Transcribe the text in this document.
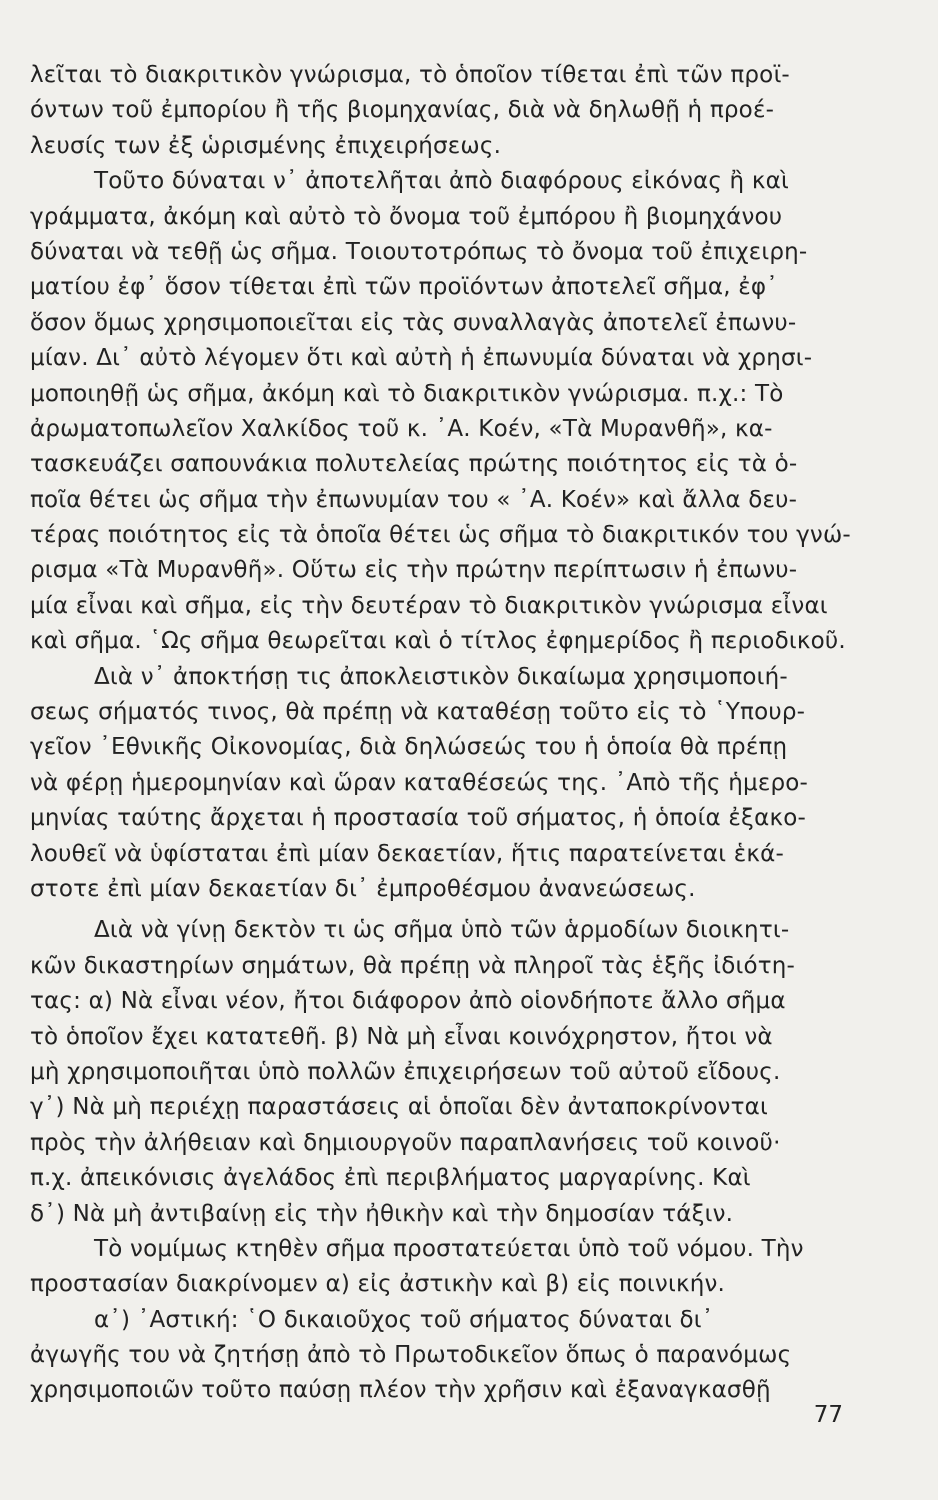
λεῖται τὸ διακριτικὸν γνώρισμα, τὸ ὁποῖον τίθεται ἐπὶ τῶν προϊ-
όντων τοῦ ἐμπορίου ἢ τῆς βιομηχανίας, διὰ νὰ δηλωθῇ ἡ προέ-
λευσίς των ἐξ ὡρισμένης ἐπιχειρήσεως.
Τοῦτο δύναται ν᾿ ἀποτελῆται ἀπὸ διαφόρους εἰκόνας ἢ καὶ
γράμματα, ἀκόμη καὶ αὐτὸ τὸ ὄνομα τοῦ ἐμπόρου ἢ βιομηχάνου
δύναται νὰ τεθῇ ὡς σῆμα. Τοιουτοτρόπως τὸ ὄνομα τοῦ ἐπιχειρη-
ματίου ἐφ᾿ ὅσον τίθεται ἐπὶ τῶν προϊόντων ἀποτελεῖ σῆμα, ἐφ᾿
ὅσον ὅμως χρησιμοποιεῖται εἰς τὰς συναλλαγὰς ἀποτελεῖ ἐπωνυ-
μίαν. Δι᾿ αὐτὸ λέγομεν ὅτι καὶ αὐτὴ ἡ ἐπωνυμία δύναται νὰ χρησι-
μοποιηθῇ ὡς σῆμα, ἀκόμη καὶ τὸ διακριτικὸν γνώρισμα. π.χ.: Τὸ
ἀρωματοπωλεῖον Χαλκίδος τοῦ κ. ᾿Α. Κοέν, «Τὰ Μυρανθῆ», κα-
τασκευάζει σαπουνάκια πολυτελείας πρώτης ποιότητος εἰς τὰ ὁ-
ποῖα θέτει ὡς σῆμα τὴν ἐπωνυμίαν του « ᾿Α. Κοέν» καὶ ἄλλα δευ-
τέρας ποιότητος εἰς τὰ ὁποῖα θέτει ὡς σῆμα τὸ διακριτικόν του γνώ-
ρισμα «Τὰ Μυρανθῆ». Οὕτω εἰς τὴν πρώτην περίπτωσιν ἡ ἐπωνυ-
μία εἶναι καὶ σῆμα, εἰς τὴν δευτέραν τὸ διακριτικὸν γνώρισμα εἶναι
καὶ σῆμα. ῾Ως σῆμα θεωρεῖται καὶ ὁ τίτλος ἐφημερίδος ἢ περιοδικοῦ.
Διὰ ν᾿ ἀποκτήσῃ τις ἀποκλειστικὸν δικαίωμα χρησιμοποιή-
σεως σήματός τινος, θὰ πρέπῃ νὰ καταθέσῃ τοῦτο εἰς τὸ ῾Υπουρ-
γεῖον ᾿Εθνικῆς Οἰκονομίας, διὰ δηλώσεώς του ἡ ὁποία θὰ πρέπῃ
νὰ φέρῃ ἡμερομηνίαν καὶ ὥραν καταθέσεώς της. ᾿Απὸ τῆς ἡμερο-
μηνίας ταύτης ἄρχεται ἡ προστασία τοῦ σήματος, ἡ ὁποία ἐξακο-
λουθεῖ νὰ ὑφίσταται ἐπὶ μίαν δεκαετίαν, ἥτις παρατείνεται ἑκά-
στοτε ἐπὶ μίαν δεκαετίαν δι᾿ ἐμπροθέσμου ἀνανεώσεως.
Διὰ νὰ γίνῃ δεκτὸν τι ὡς σῆμα ὑπὸ τῶν ἁρμοδίων διοικητι-
κῶν δικαστηρίων σημάτων, θὰ πρέπῃ νὰ πληροῖ τὰς ἑξῆς ἰδιότη-
τας: α) Νὰ εἶναι νέον, ἤτοι διάφορον ἀπὸ οἱονδήποτε ἄλλο σῆμα
τὸ ὁποῖον ἔχει κατατεθῆ. β) Νὰ μὴ εἶναι κοινόχρηστον, ἤτοι νὰ
μὴ χρησιμοποιῆται ὑπὸ πολλῶν ἐπιχειρήσεων τοῦ αὐτοῦ εἴδους.
γ᾿) Νὰ μὴ περιέχῃ παραστάσεις αἱ ὁποῖαι δὲν ἀνταποκρίνονται
πρὸς τὴν ἀλήθειαν καὶ δημιουργοῦν παραπλανήσεις τοῦ κοινοῦ·
π.χ. ἀπεικόνισις ἀγελάδος ἐπὶ περιβλήματος μαργαρίνης. Καὶ
δ᾿) Νὰ μὴ ἀντιβαίνῃ εἰς τὴν ἠθικὴν καὶ τὴν δημοσίαν τάξιν.
Τὸ νομίμως κτηθὲν σῆμα προστατεύεται ὑπὸ τοῦ νόμου. Τὴν
προστασίαν διακρίνομεν α) εἰς ἀστικὴν καὶ β) εἰς ποινικήν.
α᾿) ᾿Αστική: ῾Ο δικαιοῦχος τοῦ σήματος δύναται δι᾿
ἀγωγῆς του νὰ ζητήσῃ ἀπὸ τὸ Πρωτοδικεῖον ὅπως ὁ παρανόμως
χρησιμοποιῶν τοῦτο παύσῃ πλέον τὴν χρῆσιν καὶ ἐξαναγκασθῇ
77
